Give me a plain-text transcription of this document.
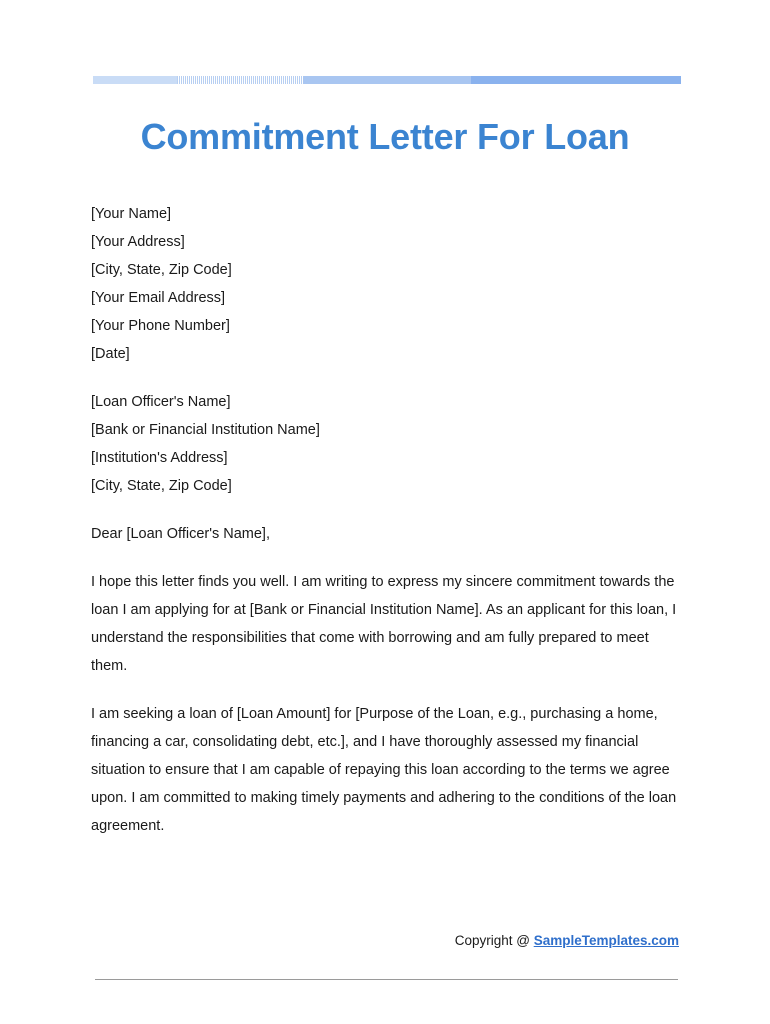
Commitment Letter For Loan
[Your Name]
[Your Address]
[City, State, Zip Code]
[Your Email Address]
[Your Phone Number]
[Date]
[Loan Officer's Name]
[Bank or Financial Institution Name]
[Institution's Address]
[City, State, Zip Code]
Dear [Loan Officer's Name],
I hope this letter finds you well. I am writing to express my sincere commitment towards the loan I am applying for at [Bank or Financial Institution Name]. As an applicant for this loan, I understand the responsibilities that come with borrowing and am fully prepared to meet them.
I am seeking a loan of [Loan Amount] for [Purpose of the Loan, e.g., purchasing a home, financing a car, consolidating debt, etc.], and I have thoroughly assessed my financial situation to ensure that I am capable of repaying this loan according to the terms we agree upon. I am committed to making timely payments and adhering to the conditions of the loan agreement.
Copyright @ SampleTemplates.com
